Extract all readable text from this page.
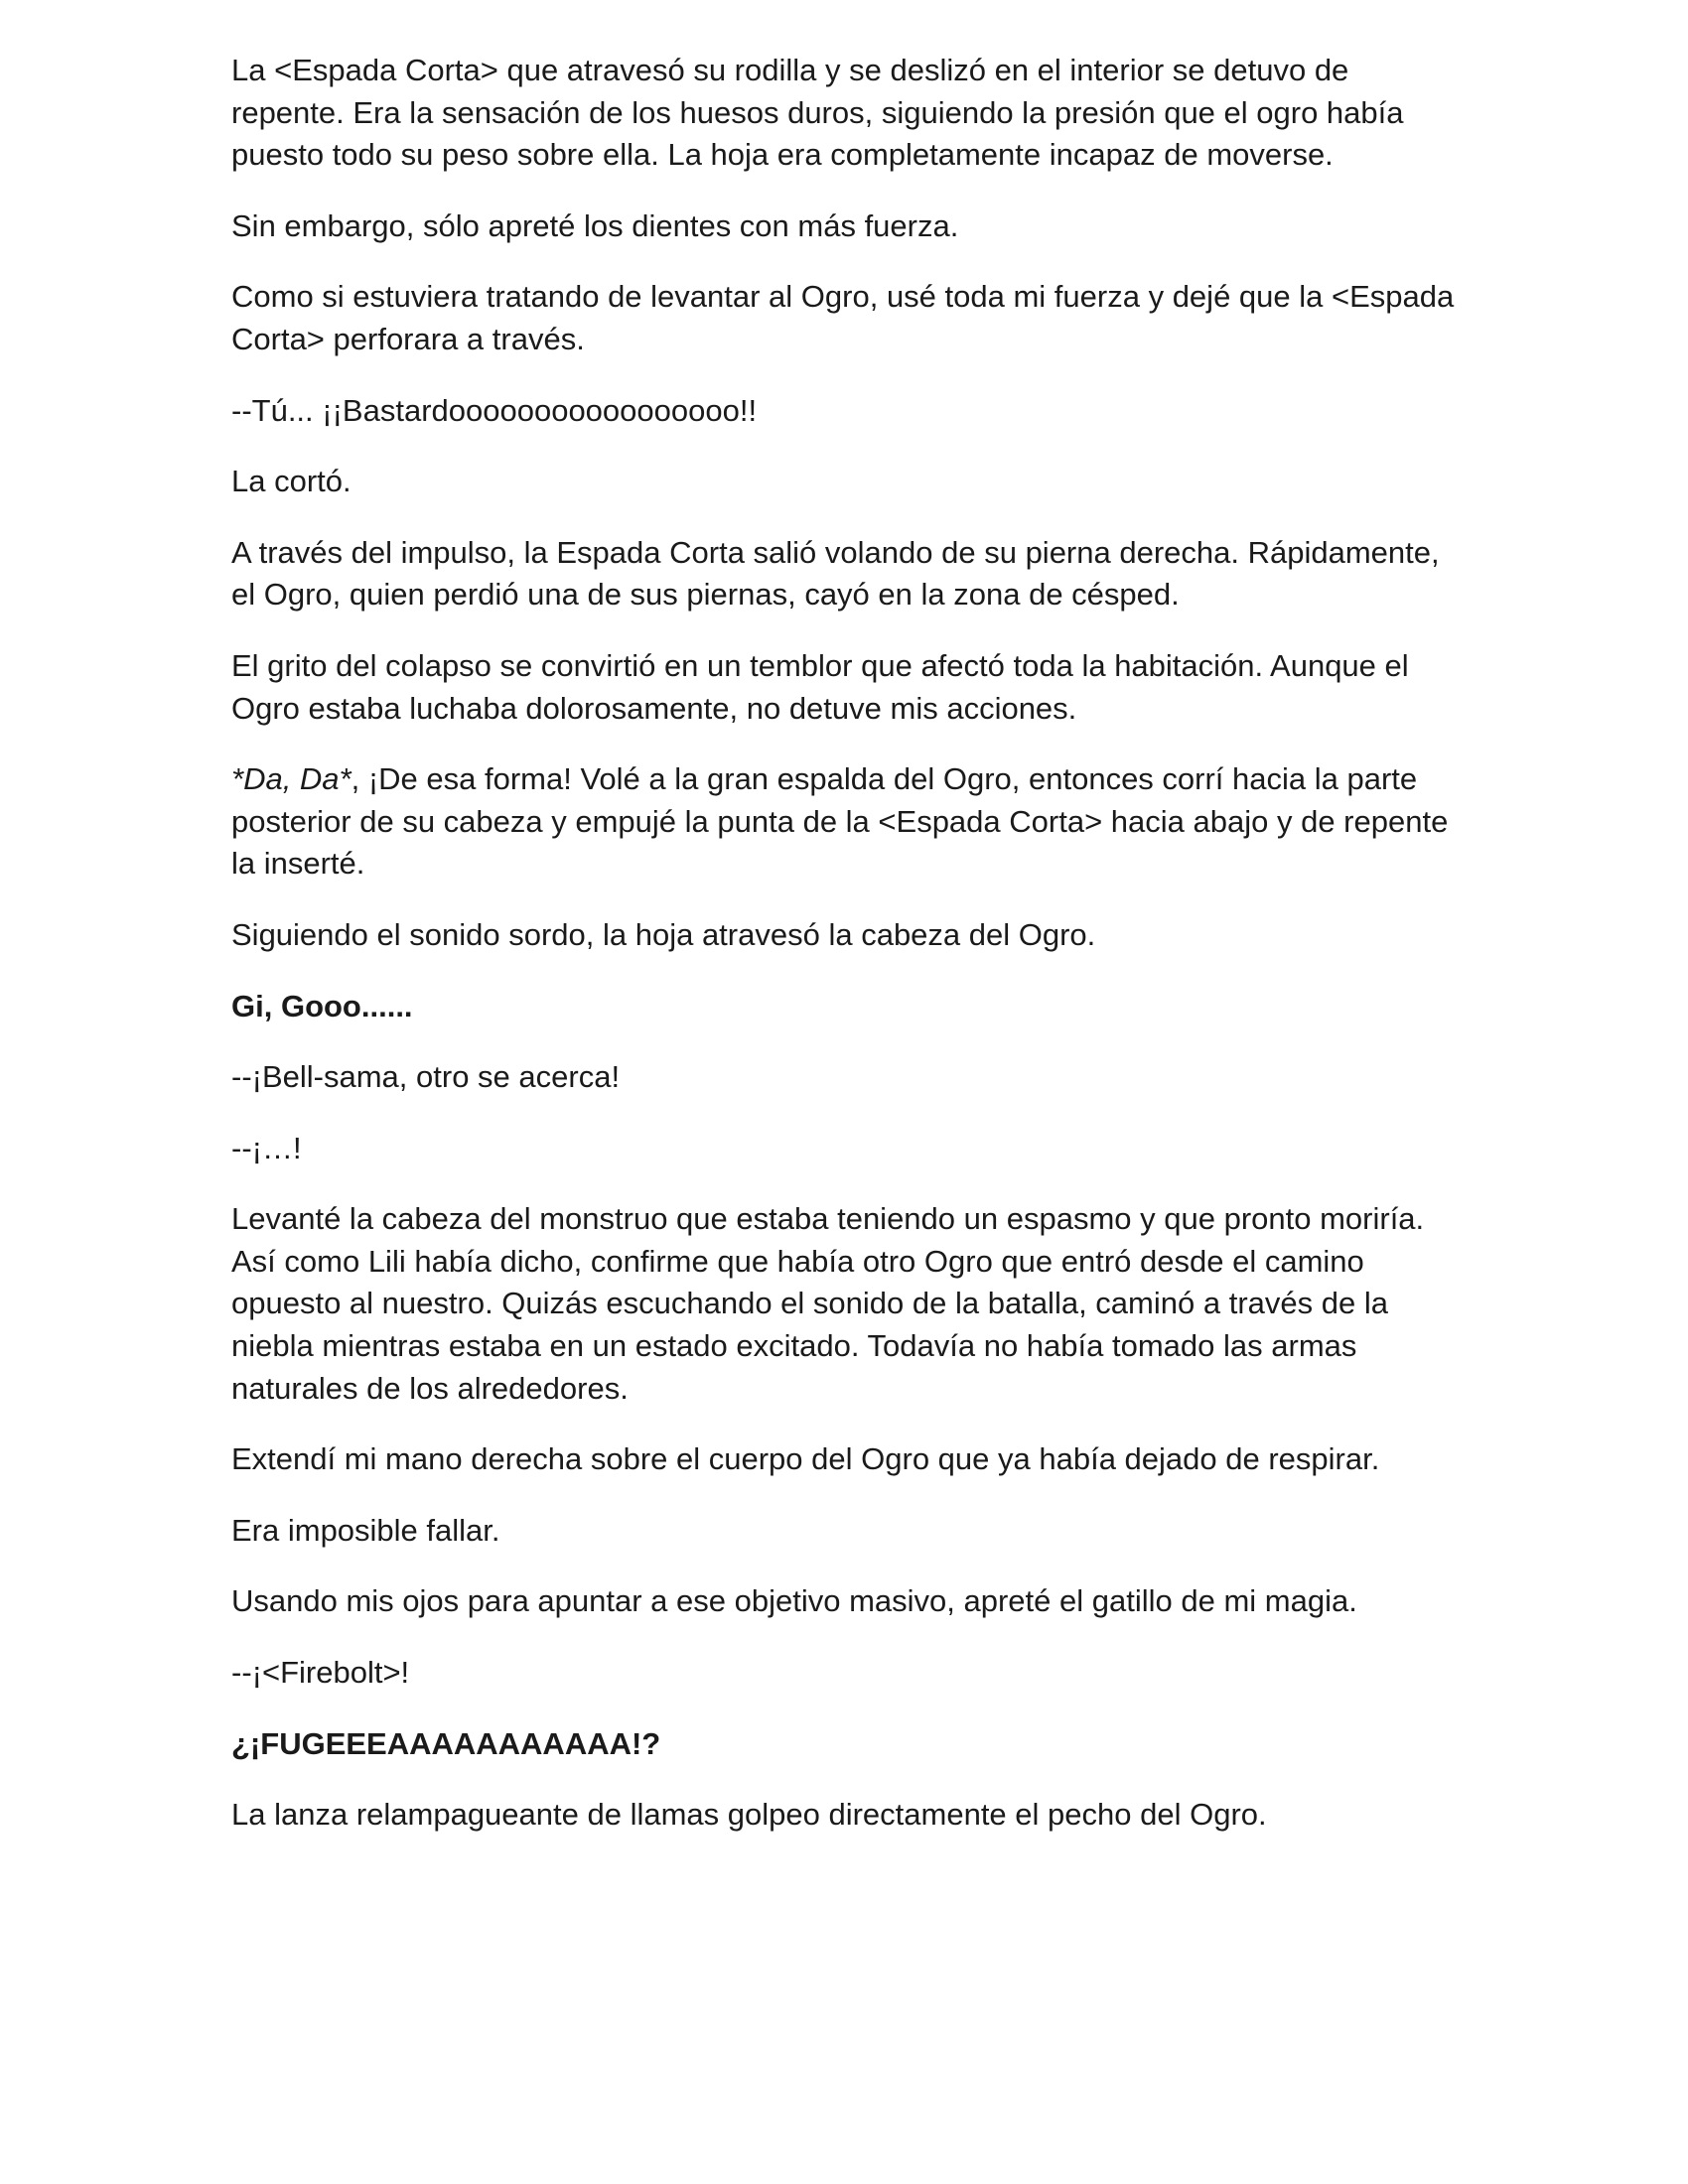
La <Espada Corta> que atravesó su rodilla y se deslizó en el interior se detuvo de repente. Era la sensación de los huesos duros, siguiendo la presión que el ogro había puesto todo su peso sobre ella. La hoja era completamente incapaz de moverse.

Sin embargo, sólo apreté los dientes con más fuerza.

Como si estuviera tratando de levantar al Ogro, usé toda mi fuerza y dejé que la <Espada Corta> perforara a través.

--Tú... ¡¡Bastardooooooooooooooooo!!

La cortó.

A través del impulso, la Espada Corta salió volando de su pierna derecha. Rápidamente, el Ogro, quien perdió una de sus piernas, cayó en la zona de césped.

El grito del colapso se convirtió en un temblor que afectó toda la habitación. Aunque el Ogro estaba luchaba dolorosamente, no detuve mis acciones.

*Da, Da*, ¡De esa forma! Volé a la gran espalda del Ogro, entonces corrí hacia la parte posterior de su cabeza y empujé la punta de la <Espada Corta> hacia abajo y de repente la inserté.

Siguiendo el sonido sordo, la hoja atravesó la cabeza del Ogro.

Gi, Gooo......

--¡Bell-sama, otro se acerca!

--¡…!

Levanté la cabeza del monstruo que estaba teniendo un espasmo y que pronto moriría. Así como Lili había dicho, confirme que había otro Ogro que entró desde el camino opuesto al nuestro. Quizás escuchando el sonido de la batalla, caminó a través de la niebla mientras estaba en un estado excitado. Todavía no había tomado las armas naturales de los alrededores.

Extendí mi mano derecha sobre el cuerpo del Ogro que ya había dejado de respirar.

Era imposible fallar.

Usando mis ojos para apuntar a ese objetivo masivo, apreté el gatillo de mi magia.

--¡<Firebolt>!

¿¡FUGEEEAAAAAAAAAAA!?

La lanza relampagueante de llamas golpeo directamente el pecho del Ogro.
